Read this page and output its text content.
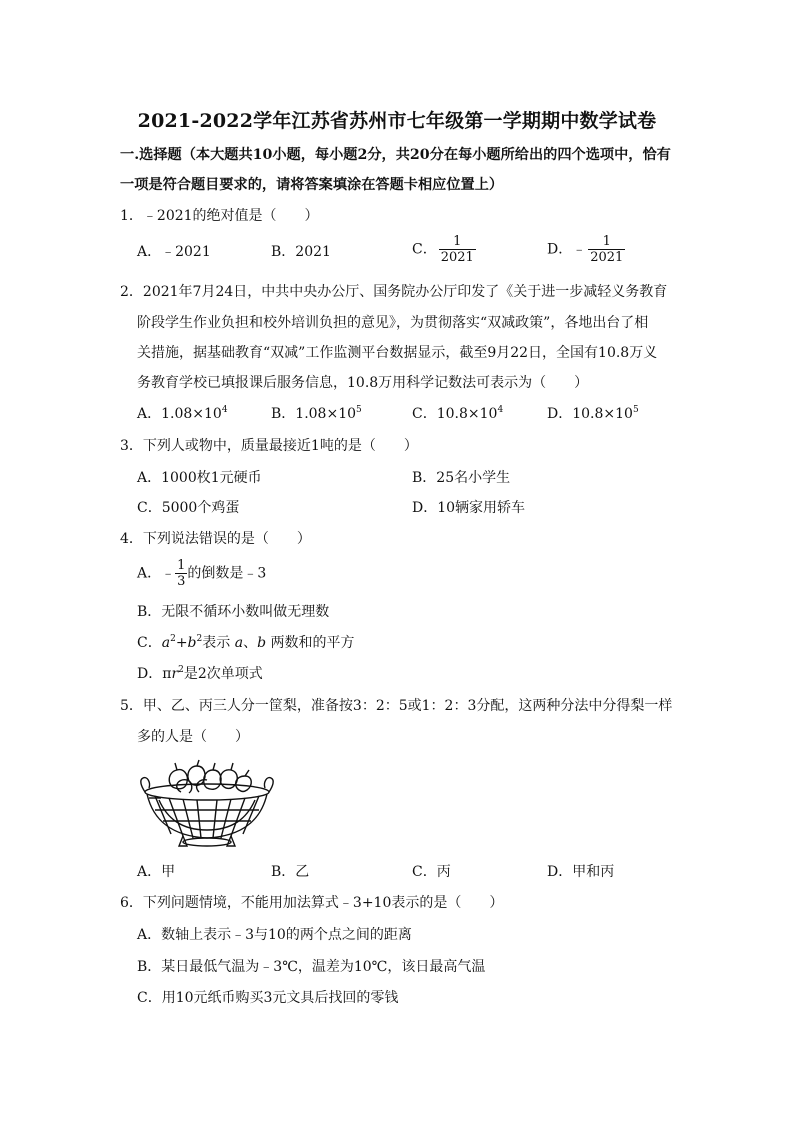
2021-2022学年江苏省苏州市七年级第一学期期中数学试卷
一.选择题（本大题共10小题，每小题2分，共20分在每小题所给出的四个选项中，恰有
一项是符合题目要求的，请将答案填涂在答题卡相应位置上）
1．﹣2021的绝对值是（　　）
A．﹣2021	B．2021	C． $\frac{1}{2021}$	D．﹣ $\frac{1}{2021}$
2．2021年7月24日，中共中央办公厅、国务院办公厅印发了《关于进一步减轻义务教育
阶段学生作业负担和校外培训负担的意见》，为贯彻落实“双减政策”，各地出台了相
关措施，据基础教育“双减”工作监测平台数据显示，截至9月22日，全国有10.8万义
务教育学校已填报课后服务信息，10.8万用科学记数法可表示为（　　）
A．$1.08\times 10^4$	B．$1.08\times 10^5$	C．$10.8\times 10^4$	D．$10.8\times 10^5$
3．下列人或物中，质量最接近1吨的是（　　）
A．1000枚1元硬币	B．25名小学生
C．5000个鸡蛋	D．10辆家用轿车
4．下列说法错误的是（　　）
A．﹣ $\frac{1}{3}$ 的倒数是﹣3
B．无限不循环小数叫做无理数
C．$a^2+b^2$表示 a、b 两数和的平方
D．$\pi r^2$是2次单项式
5．甲、乙、丙三人分一筐梨，准备按3：2：5或1：2：3分配，这两种分法中分得梨一样
多的人是（　　）
A．甲	B．乙	C．丙	D．甲和丙
6．下列问题情境，不能用加法算式﹣3+10表示的是（　　）
A．数轴上表示﹣3与10的两个点之间的距离
B．某日最低气温为﹣3℃，温差为10℃，该日最高气温
C．用10元纸币购买3元文具后找回的零钱
